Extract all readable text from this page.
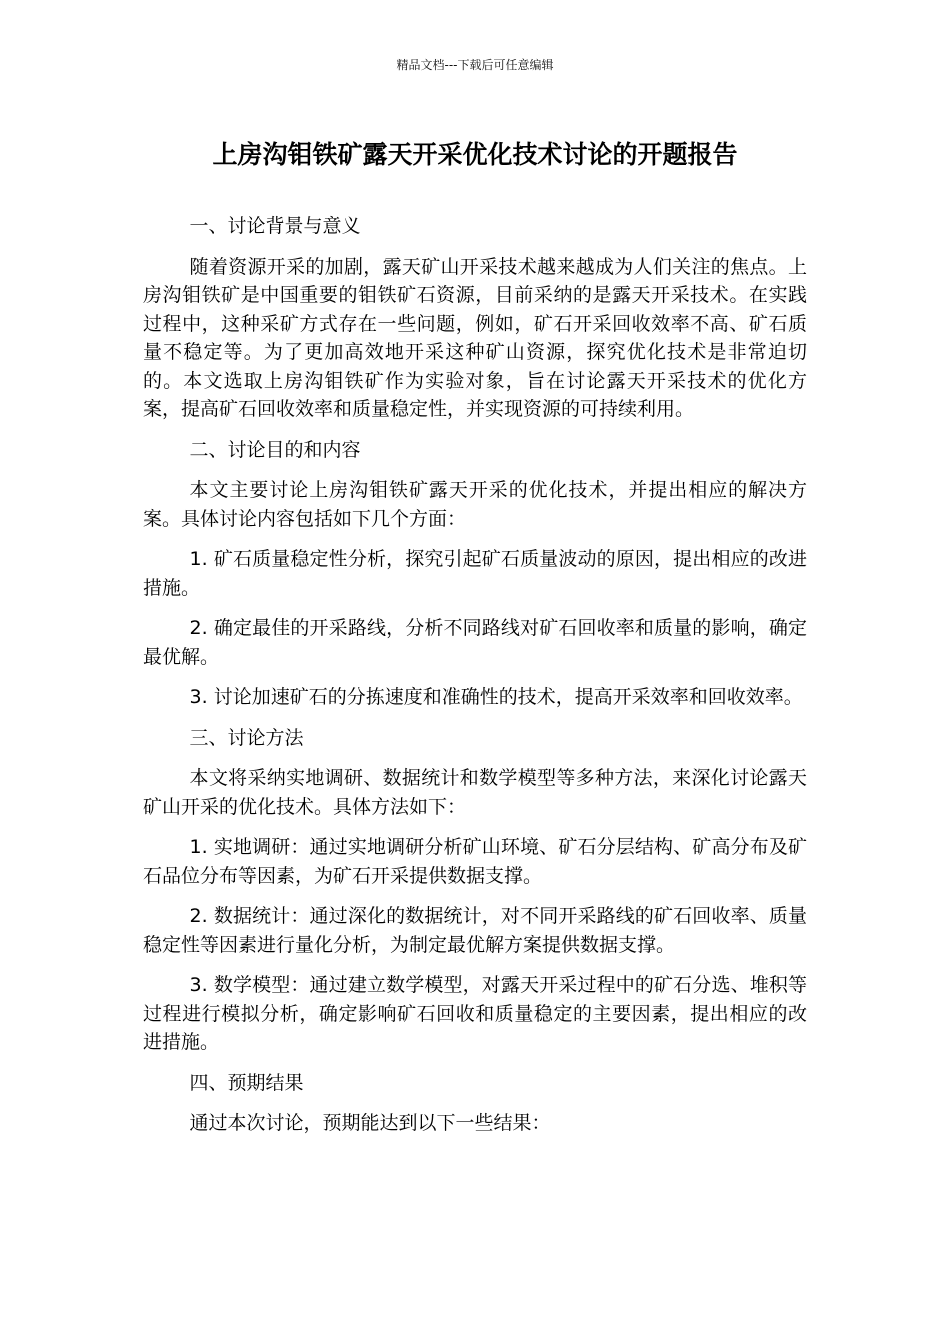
精品文档---下载后可任意编辑
上房沟钼铁矿露天开采优化技术讨论的开题报告

一、讨论背景与意义

随着资源开采的加剧，露天矿山开采技术越来越成为人们关注的焦点。上房沟钼铁矿是中国重要的钼铁矿石资源，目前采纳的是露天开采技术。在实践过程中，这种采矿方式存在一些问题，例如，矿石开采回收效率不高、矿石质量不稳定等。为了更加高效地开采这种矿山资源，探究优化技术是非常迫切的。本文选取上房沟钼铁矿作为实验对象，旨在讨论露天开采技术的优化方案，提高矿石回收效率和质量稳定性，并实现资源的可持续利用。

二、讨论目的和内容

本文主要讨论上房沟钼铁矿露天开采的优化技术，并提出相应的解决方案。具体讨论内容包括如下几个方面：

1. 矿石质量稳定性分析，探究引起矿石质量波动的原因，提出相应的改进措施。

2. 确定最佳的开采路线，分析不同路线对矿石回收率和质量的影响，确定最优解。

3. 讨论加速矿石的分拣速度和准确性的技术，提高开采效率和回收效率。

三、讨论方法

本文将采纳实地调研、数据统计和数学模型等多种方法，来深化讨论露天矿山开采的优化技术。具体方法如下：

1. 实地调研：通过实地调研分析矿山环境、矿石分层结构、矿高分布及矿石品位分布等因素，为矿石开采提供数据支撑。

2. 数据统计：通过深化的数据统计，对不同开采路线的矿石回收率、质量稳定性等因素进行量化分析，为制定最优解方案提供数据支撑。

3. 数学模型：通过建立数学模型，对露天开采过程中的矿石分选、堆积等过程进行模拟分析，确定影响矿石回收和质量稳定的主要因素，提出相应的改进措施。

四、预期结果

通过本次讨论，预期能达到以下一些结果：
